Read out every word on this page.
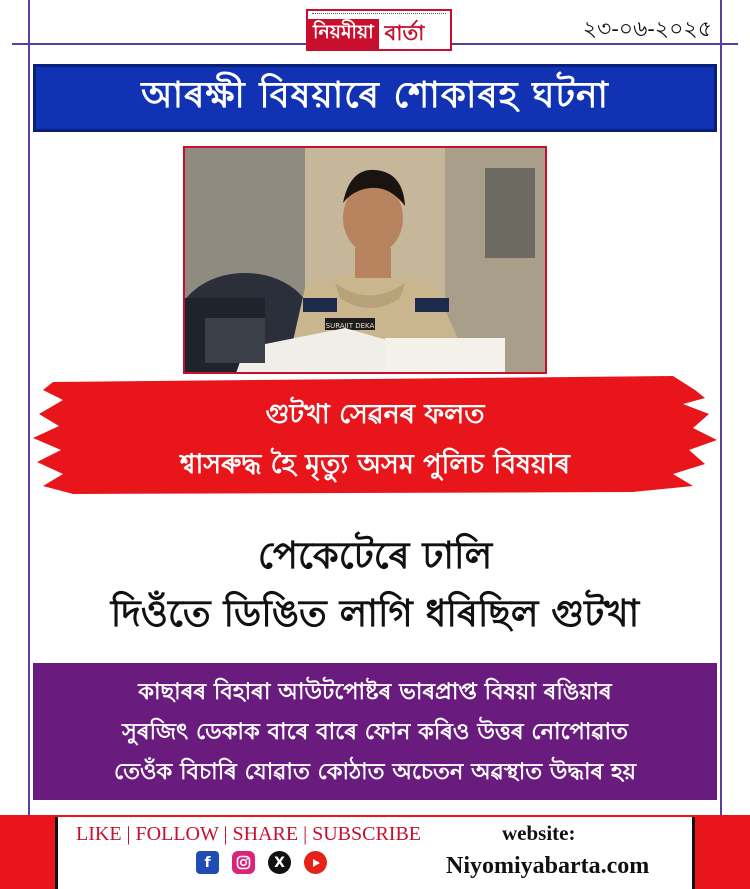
নিয়মীয়া বাৰ্তা	২৩-০৬-২০২৫
আৰক্ষী বিষয়াৰে শোকাৰহ ঘটনা
SURAJIT DEKA
গুটখা সেৱনৰ ফলত
শ্বাসৰুদ্ধ হৈ মৃত্যু অসম পুলিচ বিষয়াৰ
পেকেটেৰে ঢালি
দিওঁতে ডিঙিত লাগি ধৰিছিল গুটখা
কাছাৰৰ বিহাৰা আউটপোষ্টৰ ভাৰপ্ৰাপ্ত বিষয়া ৰঙিয়াৰ
সুৰজিৎ ডেকাক বাৰে বাৰে ফোন কৰিও উত্তৰ নোপোৱাত
তেওঁক বিচাৰি যোৱাত কোঠাত অচেতন অৱস্থাত উদ্ধাৰ হয়
LIKE | FOLLOW | SHARE | SUBSCRIBE
f	X
website:
Niyomiyabarta.com
